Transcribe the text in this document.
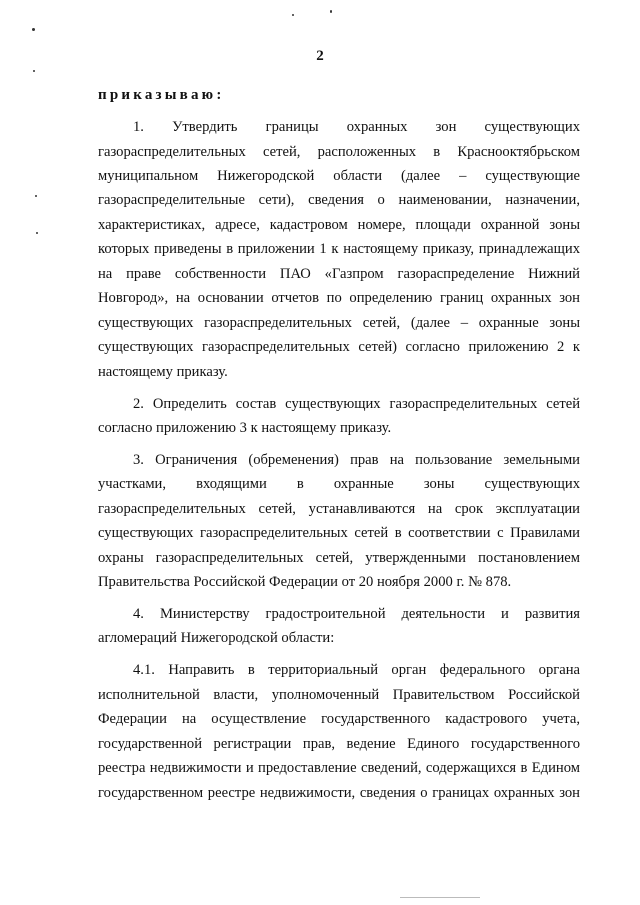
2
приказываю:
1. Утвердить границы охранных зон существующих
газораспределительных сетей, расположенных в Краснооктябрьском
муниципальном Нижегородской области (далее – существующие
газораспределительные сети), сведения о наименовании, назначении,
характеристиках, адресе, кадастровом номере, площади охранной зоны
которых приведены в приложении 1 к настоящему приказу, принадлежащих
на праве собственности ПАО «Газпром газораспределение Нижний
Новгород», на основании отчетов по определению границ охранных зон
существующих газораспределительных сетей, (далее – охранные зоны
существующих газораспределительных сетей) согласно приложению 2 к
настоящему приказу.
2. Определить состав существующих газораспределительных сетей
согласно приложению 3 к настоящему приказу.
3. Ограничения (обременения) прав на пользование земельными
участками, входящими в охранные зоны существующих
газораспределительных сетей, устанавливаются на срок эксплуатации
существующих газораспределительных сетей в соответствии с Правилами
охраны газораспределительных сетей, утвержденными постановлением
Правительства Российской Федерации от 20 ноября 2000 г. № 878.
4. Министерству градостроительной деятельности и развития
агломераций Нижегородской области:
4.1. Направить в территориальный орган федерального органа
исполнительной власти, уполномоченный Правительством Российской
Федерации на осуществление государственного кадастрового учета,
государственной регистрации прав, ведение Единого государственного
реестра недвижимости и предоставление сведений, содержащихся в Едином
государственном реестре недвижимости, сведения о границах охранных зон
